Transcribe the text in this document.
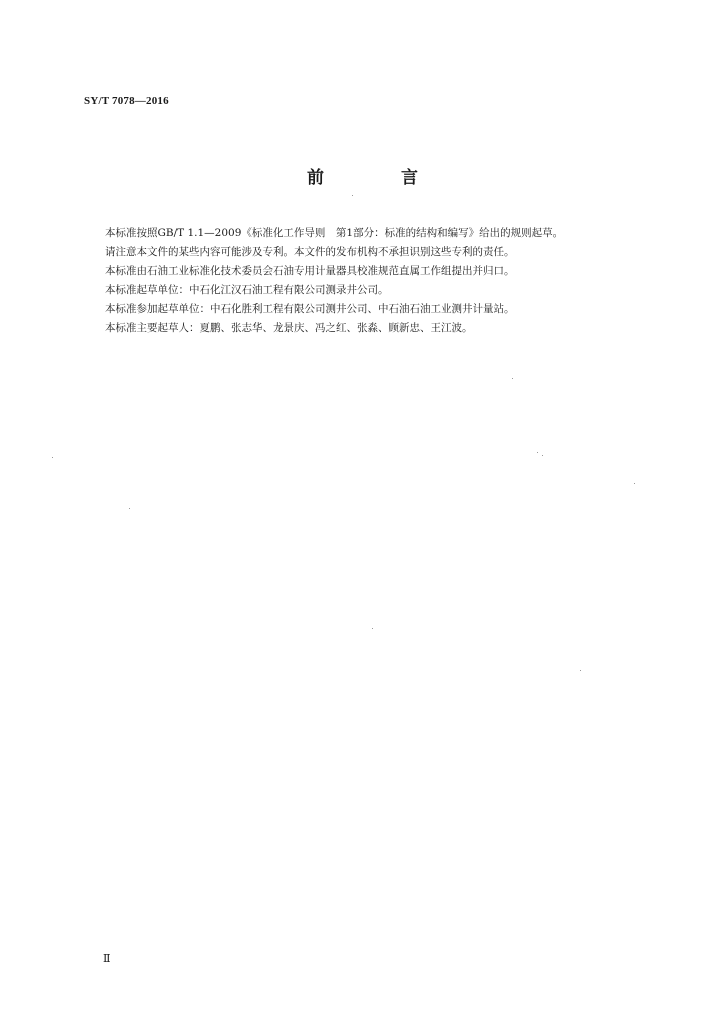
SY/T 7078—2016
前　言

本标准按照GB/T 1.1—2009《标准化工作导则　第1部分：标准的结构和编写》给出的规则起草。

请注意本文件的某些内容可能涉及专利。本文件的发布机构不承担识别这些专利的责任。

本标准由石油工业标准化技术委员会石油专用计量器具校准规范直属工作组提出并归口。

本标准起草单位：中石化江汉石油工程有限公司测录井公司。

本标准参加起草单位：中石化胜利工程有限公司测井公司、中石油石油工业测井计量站。

本标准主要起草人：夏鹏、张志华、龙景庆、冯之红、张淼、顾新忠、王江波。

Ⅱ
